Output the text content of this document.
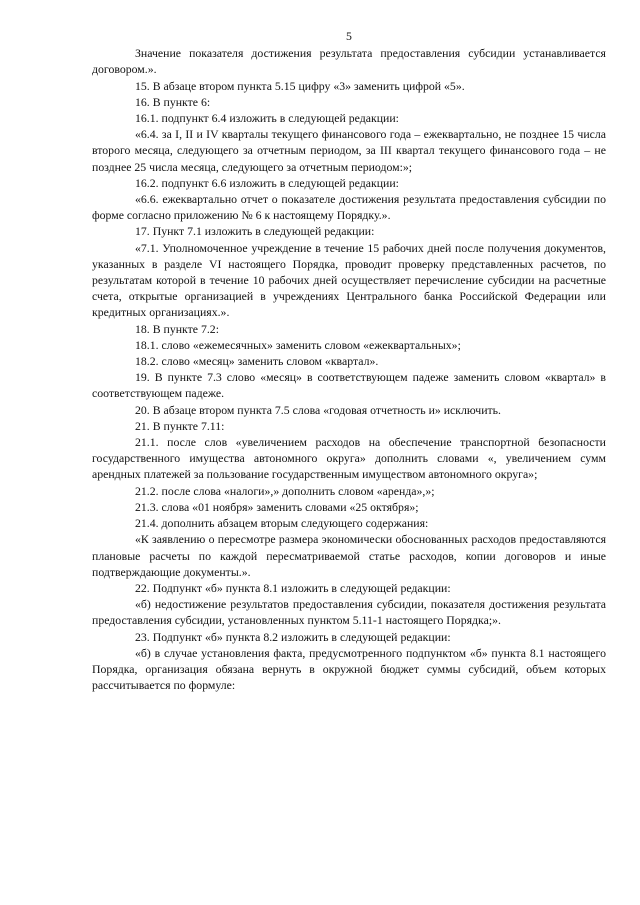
5

Значение показателя достижения результата предоставления субсидии устанавливается договором.».

15. В абзаце втором пункта 5.15 цифру «3» заменить цифрой «5».

16. В пункте 6:

16.1. подпункт 6.4 изложить в следующей редакции:

«6.4. за I, II и IV кварталы текущего финансового года – ежеквартально, не позднее 15 числа второго месяца, следующего за отчетным периодом, за III квартал текущего финансового года – не позднее 25 числа месяца, следующего за отчетным периодом:»;

16.2. подпункт 6.6 изложить в следующей редакции:

«6.6. ежеквартально отчет о показателе достижения результата предоставления субсидии по форме согласно приложению № 6 к настоящему Порядку.».

17. Пункт 7.1 изложить в следующей редакции:

«7.1. Уполномоченное учреждение в течение 15 рабочих дней после получения документов, указанных в разделе VI настоящего Порядка, проводит проверку представленных расчетов, по результатам которой в течение 10 рабочих дней осуществляет перечисление субсидии на расчетные счета, открытые организацией в учреждениях Центрального банка Российской Федерации или кредитных организациях.».

18. В пункте 7.2:

18.1. слово «ежемесячных» заменить словом «ежеквартальных»;

18.2. слово «месяц» заменить словом «квартал».

19. В пункте 7.3 слово «месяц» в соответствующем падеже заменить словом «квартал» в соответствующем падеже.

20. В абзаце втором пункта 7.5 слова «годовая отчетность и» исключить.

21. В пункте 7.11:

21.1. после слов «увеличением расходов на обеспечение транспортной безопасности государственного имущества автономного округа» дополнить словами «, увеличением сумм арендных платежей за пользование государственным имуществом автономного округа»;

21.2. после слова «налоги»,» дополнить словом «аренда»,»;

21.3. слова «01 ноября» заменить словами «25 октября»;

21.4. дополнить абзацем вторым следующего содержания:

«К заявлению о пересмотре размера экономически обоснованных расходов предоставляются плановые расчеты по каждой пересматриваемой статье расходов, копии договоров и иные подтверждающие документы.».

22. Подпункт «б» пункта 8.1 изложить в следующей редакции:

«б) недостижение результатов предоставления субсидии, показателя достижения результата предоставления субсидии, установленных пунктом 5.11-1 настоящего Порядка;».

23. Подпункт «б» пункта 8.2 изложить в следующей редакции:

«б) в случае установления факта, предусмотренного подпунктом «б» пункта 8.1 настоящего Порядка, организация обязана вернуть в окружной бюджет суммы субсидий, объем которых рассчитывается по формуле:
